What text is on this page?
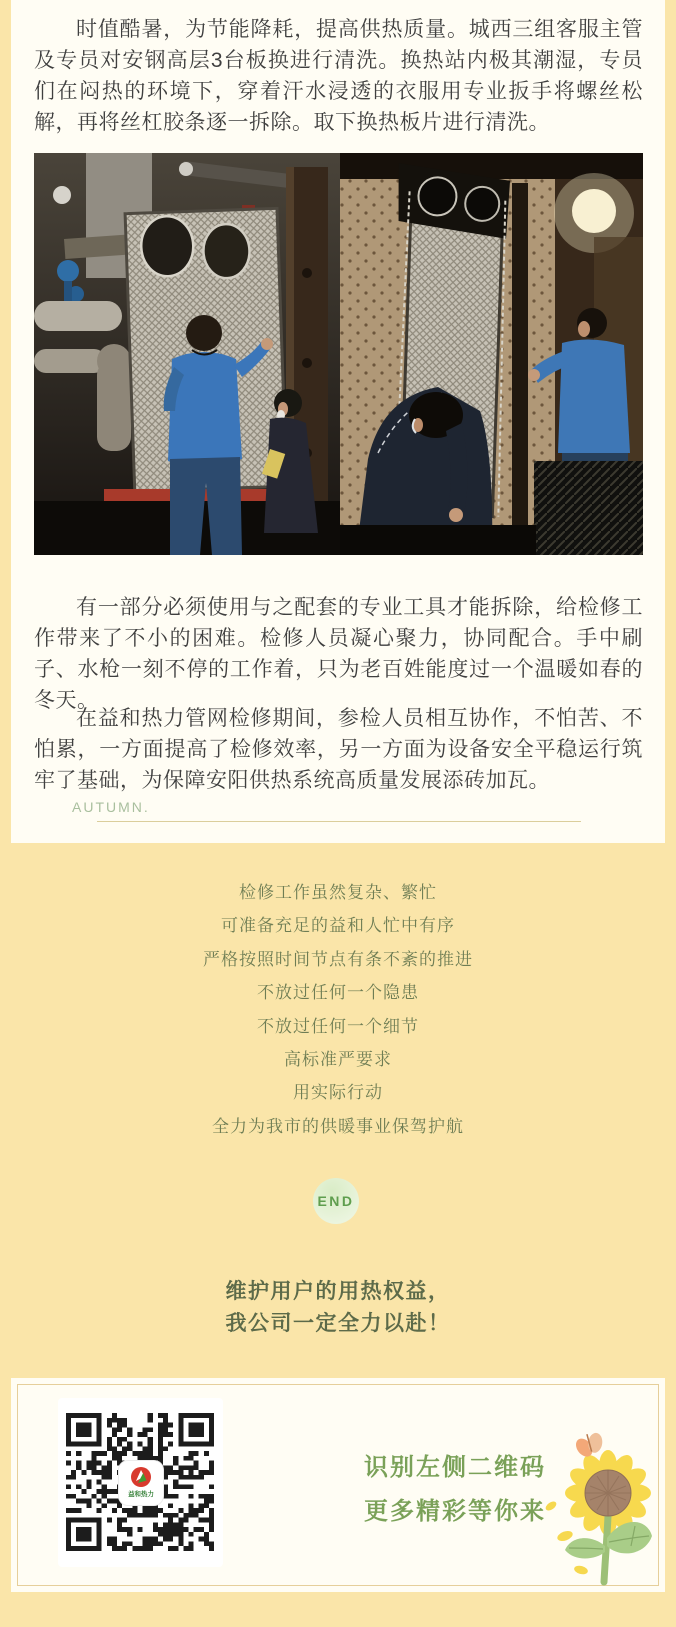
时值酷暑，为节能降耗，提高供热质量。城西三组客服主管及专员对安钢高层3台板换进行清洗。换热站内极其潮湿，专员们在闷热的环境下，穿着汗水浸透的衣服用专业扳手将螺丝松解，再将丝杠胶条逐一拆除。取下换热板片进行清洗。

有一部分必须使用与之配套的专业工具才能拆除，给检修工作带来了不小的困难。检修人员凝心聚力，协同配合。手中刷子、水枪一刻不停的工作着，只为老百姓能度过一个温暖如春的冬天。

在益和热力管网检修期间，参检人员相互协作，不怕苦、不怕累，一方面提高了检修效率，另一方面为设备安全平稳运行筑牢了基础，为保障安阳供热系统高质量发展添砖加瓦。

AUTUMN.
检修工作虽然复杂、繁忙
可准备充足的益和人忙中有序
严格按照时间节点有条不紊的推进
不放过任何一个隐患
不放过任何一个细节
高标准严要求
用实际行动
全力为我市的供暖事业保驾护航
END
维护用户的用热权益，
我公司一定全力以赴！
益和热力
识别左侧二维码
更多精彩等你来
